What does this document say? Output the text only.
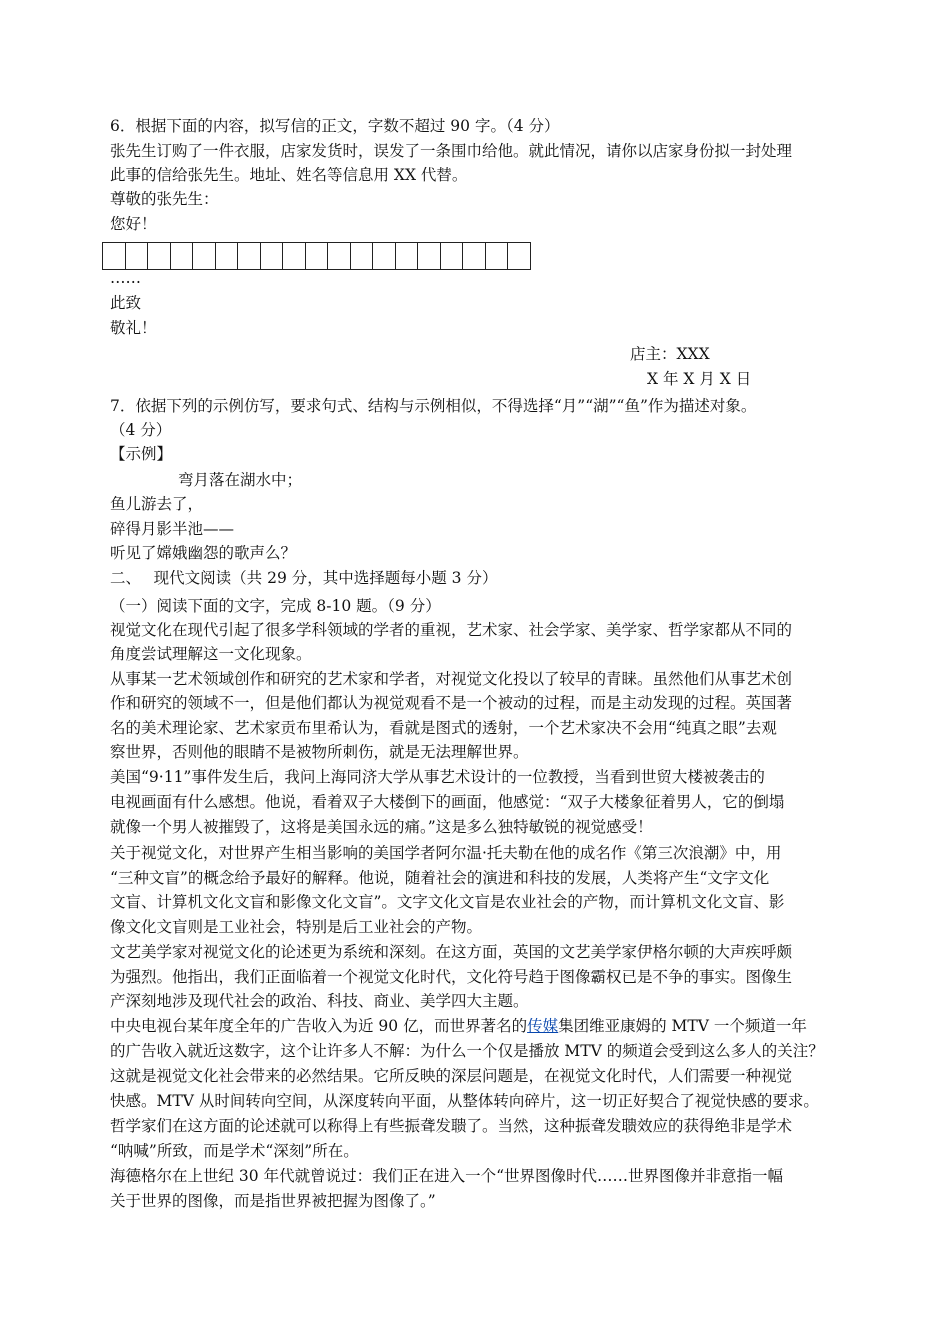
6．根据下面的内容，拟写信的正文，字数不超过 90 字。（4 分）
张先生订购了一件衣服，店家发货时，误发了一条围巾给他。就此情况，请你以店家身份拟一封处理
此事的信给张先生。地址、姓名等信息用 XX 代替。
尊敬的张先生：
您好！
……
此致
敬礼！
店主：XXX
X 年 X 月 X 日
7．依据下列的示例仿写，要求句式、结构与示例相似，不得选择“月”“湖”“鱼”作为描述对象。
（4 分）
【示例】
弯月落在湖水中；
鱼儿游去了，
碎得月影半池——
听见了嫦娥幽怨的歌声么？
二、　 现代文阅读（共 29 分，其中选择题每小题 3 分）
（一）阅读下面的文字，完成 8-10 题。（9 分）
视觉文化在现代引起了很多学科领域的学者的重视，艺术家、社会学家、美学家、哲学家都从不同的
角度尝试理解这一文化现象。
从事某一艺术领域创作和研究的艺术家和学者，对视觉文化投以了较早的青睐。虽然他们从事艺术创
作和研究的领域不一，但是他们都认为视觉观看不是一个被动的过程，而是主动发现的过程。英国著
名的美术理论家、艺术家贡布里希认为，看就是图式的透射，一个艺术家决不会用“纯真之眼”去观
察世界，否则他的眼睛不是被物所刺伤，就是无法理解世界。
美国“9·11”事件发生后，我问上海同济大学从事艺术设计的一位教授，当看到世贸大楼被袭击的
电视画面有什么感想。他说，看着双子大楼倒下的画面，他感觉：“双子大楼象征着男人，它的倒塌
就像一个男人被摧毁了，这将是美国永远的痛。”这是多么独特敏锐的视觉感受！
关于视觉文化，对世界产生相当影响的美国学者阿尔温·托夫勒在他的成名作《第三次浪潮》中，用
“三种文盲”的概念给予最好的解释。他说，随着社会的演进和科技的发展，人类将产生“文字文化
文盲、计算机文化文盲和影像文化文盲”。文字文化文盲是农业社会的产物，而计算机文化文盲、影
像文化文盲则是工业社会，特别是后工业社会的产物。
文艺美学家对视觉文化的论述更为系统和深刻。在这方面，英国的文艺美学家伊格尔顿的大声疾呼颇
为强烈。他指出，我们正面临着一个视觉文化时代，文化符号趋于图像霸权已是不争的事实。图像生
产深刻地涉及现代社会的政治、科技、商业、美学四大主题。
中央电视台某年度全年的广告收入为近 90 亿，而世界著名的传媒集团维亚康姆的 MTV 一个频道一年
的广告收入就近这数字，这个让许多人不解：为什么一个仅是播放 MTV 的频道会受到这么多人的关注？
这就是视觉文化社会带来的必然结果。它所反映的深层问题是，在视觉文化时代，人们需要一种视觉
快感。MTV 从时间转向空间，从深度转向平面，从整体转向碎片，这一切正好契合了视觉快感的要求。
哲学家们在这方面的论述就可以称得上有些振聋发聩了。当然，这种振聋发聩效应的获得绝非是学术
“呐喊”所致，而是学术“深刻”所在。
海德格尔在上世纪 30 年代就曾说过：我们正在进入一个“世界图像时代……世界图像并非意指一幅
关于世界的图像，而是指世界被把握为图像了。”
